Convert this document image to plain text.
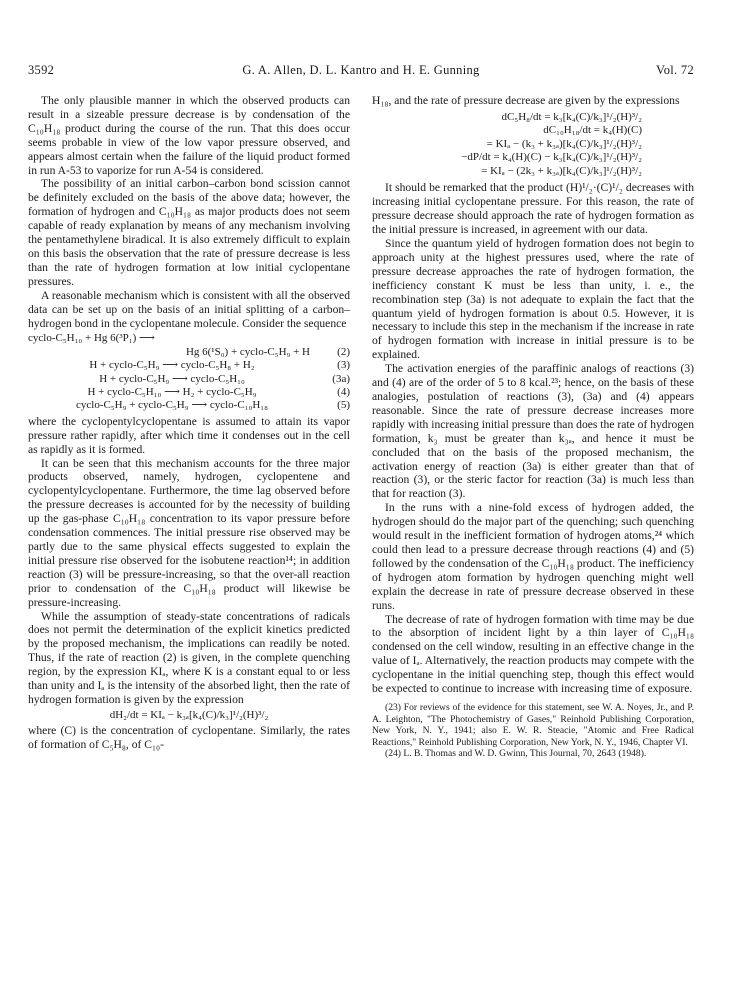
3592	G. A. Allen, D. L. Kantro and H. E. Gunning	Vol. 72

The only plausible manner in which the observed products can result in a sizeable pressure decrease is by condensation of the C₁₀H₁₈ product during the course of the run. That this does occur seems probable in view of the low vapor pressure observed, and appears almost certain when the failure of the liquid product formed in run A-53 to vaporize for run A-54 is considered.

The possibility of an initial carbon–carbon bond scission cannot be definitely excluded on the basis of the above data; however, the formation of hydrogen and C₁₀H₁₈ as major products does not seem capable of ready explanation by means of any mechanism involving the pentamethylene biradical. It is also extremely difficult to explain on this basis the observation that the rate of pressure decrease is less than the rate of hydrogen formation at low initial cyclopentane pressures.

A reasonable mechanism which is consistent with all the observed data can be set up on the basis of an initial splitting of a carbon–hydrogen bond in the cyclopentane molecule. Consider the sequence

cyclo-C₅H₁₀ + Hg 6(³P₁) ⟶
Hg 6(¹S₀) + cyclo-C₅H₉ + H	(2)
H + cyclo-C₅H₉ ⟶ cyclo-C₅H₈ + H₂	(3)
H + cyclo-C₅H₉ ⟶ cyclo-C₅H₁₀	(3a)
H + cyclo-C₅H₁₀ ⟶ H₂ + cyclo-C₅H₉	(4)
cyclo-C₅H₉ + cyclo-C₅H₉ ⟶ cyclo-C₁₀H₁₈	(5)

where the cyclopentylcyclopentane is assumed to attain its vapor pressure rather rapidly, after which time it condenses out in the cell as rapidly as it is formed.

It can be seen that this mechanism accounts for the three major products observed, namely, hydrogen, cyclopentene and cyclopentylcyclopentane. Furthermore, the time lag observed before the pressure decreases is accounted for by the necessity of building up the gas-phase C₁₀H₁₈ concentration to its vapor pressure before condensation commences. The initial pressure rise observed may be partly due to the same physical effects suggested to explain the initial pressure rise observed for the isobutene reaction¹⁴; in addition reaction (3) will be pressure-increasing, so that the over-all reaction prior to condensation of the C₁₀H₁₈ product will likewise be pressure-increasing.

While the assumption of steady-state concentrations of radicals does not permit the determination of the explicit kinetics predicted by the proposed mechanism, the implications can readily be noted. Thus, if the rate of reaction (2) is given, in the complete quenching region, by the expression KIₐ, where K is a constant equal to or less than unity and Iₐ is the intensity of the absorbed light, then the rate of hydrogen formation is given by the expression

dH₂/dt = KIₐ − k₃ₐ[k₄(C)/k₃]¹/₂(H)³/₂

where (C) is the concentration of cyclopentane. Similarly, the rates of formation of C₅H₈, of C₁₀-

H₁₈, and the rate of pressure decrease are given by the expressions

dC₅H₈/dt = k₃[k₄(C)/k₃]¹/₂(H)³/₂
dC₁₀H₁₈/dt = k₄(H)(C)
= KIₐ − (k₃ + k₃ₐ)[k₄(C)/k₃]¹/₂(H)³/₂
−dP/dt = k₄(H)(C) − k₃[k₄(C)/k₃]¹/₂(H)³/₂
= KIₐ − (2k₃ + k₃ₐ)[k₄(C)/k₃]¹/₂(H)³/₂

It should be remarked that the product (H)¹/₂·(C)¹/₂ decreases with increasing initial cyclopentane pressure. For this reason, the rate of pressure decrease should approach the rate of hydrogen formation as the initial pressure is increased, in agreement with our data.

Since the quantum yield of hydrogen formation does not begin to approach unity at the highest pressures used, where the rate of pressure decrease approaches the rate of hydrogen formation, the inefficiency constant K must be less than unity, i. e., the recombination step (3a) is not adequate to explain the fact that the quantum yield of hydrogen formation is about 0.5. However, it is necessary to include this step in the mechanism if the increase in rate of hydrogen formation with increase in initial pressure is to be explained.

The activation energies of the paraffinic analogs of reactions (3) and (4) are of the order of 5 to 8 kcal.²³; hence, on the basis of these analogies, postulation of reactions (3), (3a) and (4) appears reasonable. Since the rate of pressure decrease increases more rapidly with increasing initial pressure than does the rate of hydrogen formation, k₃ must be greater than k₃ₐ, and hence it must be concluded that on the basis of the proposed mechanism, the activation energy of reaction (3a) is either greater than that of reaction (3), or the steric factor for reaction (3a) is much less than that for reaction (3).

In the runs with a nine-fold excess of hydrogen added, the hydrogen should do the major part of the quenching; such quenching would result in the inefficient formation of hydrogen atoms,²⁴ which could then lead to a pressure decrease through reactions (4) and (5) followed by the condensation of the C₁₀H₁₈ product. The inefficiency of hydrogen atom formation by hydrogen quenching might well explain the decrease in rate of pressure decrease observed in these runs.

The decrease of rate of hydrogen formation with time may be due to the absorption of incident light by a thin layer of C₁₀H₁₈ condensed on the cell window, resulting in an effective change in the value of Iₐ. Alternatively, the reaction products may compete with the cyclopentane in the initial quenching step, though this effect would be expected to continue to increase with increasing time of exposure.

(23) For reviews of the evidence for this statement, see W. A. Noyes, Jr., and P. A. Leighton, "The Photochemistry of Gases," Reinhold Publishing Corporation, New York, N. Y., 1941; also E. W. R. Steacie, "Atomic and Free Radical Reactions," Reinhold Publishing Corporation, New York, N. Y., 1946, Chapter VI.

(24) L. B. Thomas and W. D. Gwinn, This Journal, 70, 2643 (1948).
